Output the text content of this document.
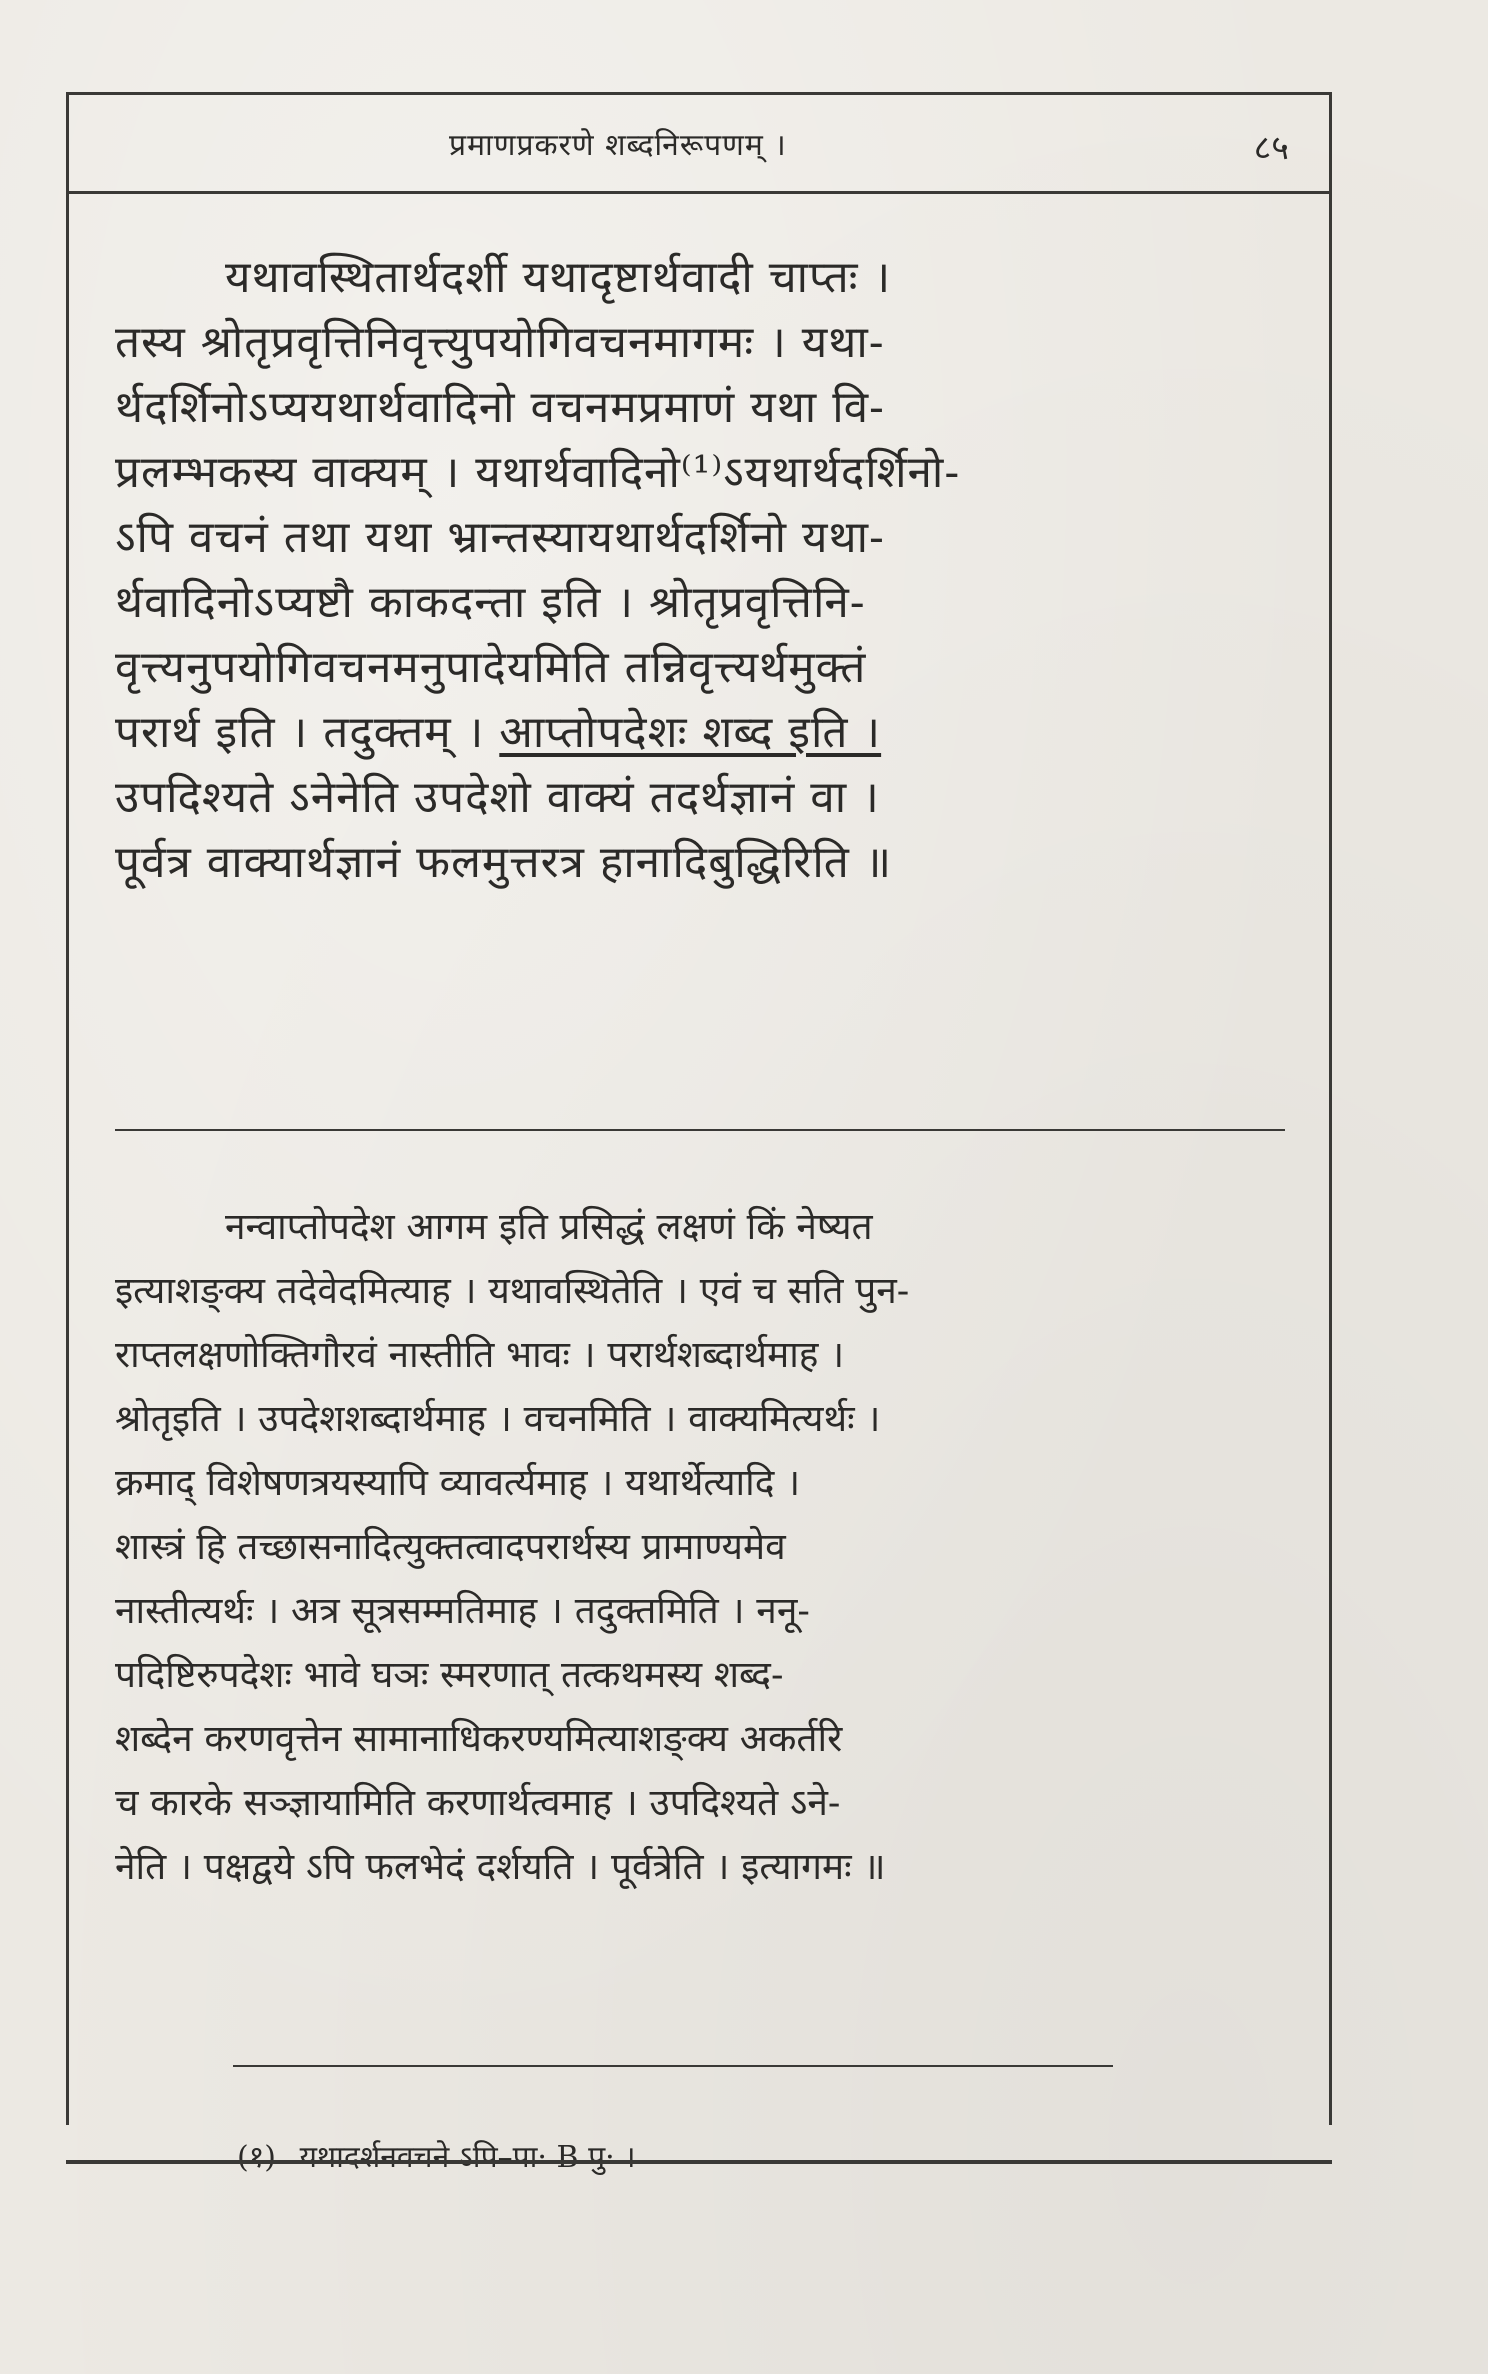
प्रमाणप्रकरणे शब्दनिरूपणम् ।	८५
यथावस्थितार्थदर्शी यथादृष्टार्थवादी चाप्तः ।
तस्य श्रोतृप्रवृत्तिनिवृत्त्युपयोगिवचनमागमः । यथा-
र्थदर्शिनोऽप्ययथार्थवादिनो वचनमप्रमाणं यथा वि-
प्रलम्भकस्य वाक्यम् । यथार्थवादिनो⁽¹⁾ऽयथार्थदर्शिनो-
ऽपि वचनं तथा यथा भ्रान्तस्यायथार्थदर्शिनो यथा-
र्थवादिनोऽप्यष्टौ काकदन्ता इति । श्रोतृप्रवृत्तिनि-
वृत्त्यनुपयोगिवचनमनुपादेयमिति तन्निवृत्त्यर्थमुक्तं
परार्थ इति । तदुक्तम् । आप्तोपदेशः शब्द इति ।
उपदिश्यते ऽनेनेति उपदेशो वाक्यं तदर्थज्ञानं वा ।
पूर्वत्र वाक्यार्थज्ञानं फलमुत्तरत्र हानादिबुद्धिरिति ॥
नन्वाप्तोपदेश आगम इति प्रसिद्धं लक्षणं किं नेष्यत
इत्याशङ्क्य तदेवेदमित्याह । यथावस्थितेति । एवं च सति पुन-
राप्तलक्षणोक्तिगौरवं नास्तीति भावः । परार्थशब्दार्थमाह ।
श्रोतृइति । उपदेशशब्दार्थमाह । वचनमिति । वाक्यमित्यर्थः ।
क्रमाद् विशेषणत्रयस्यापि व्यावर्त्यमाह । यथार्थेत्यादि ।
शास्त्रं हि तच्छासनादित्युक्तत्वादपरार्थस्य प्रामाण्यमेव
नास्तीत्यर्थः । अत्र सूत्रसम्मतिमाह । तदुक्तमिति । ननू-
पदिष्टिरुपदेशः भावे घञः स्मरणात् तत्कथमस्य शब्द-
शब्देन करणवृत्तेन सामानाधिकरण्यमित्याशङ्क्य अकर्तरि
च कारके सञ्ज्ञायामिति करणार्थत्वमाह । उपदिश्यते ऽने-
नेति । पक्षद्वये ऽपि फलभेदं दर्शयति । पूर्वत्रेति । इत्यागमः ॥
(१) यथादर्शनवचने ऽपि–पा· B पु· ।
